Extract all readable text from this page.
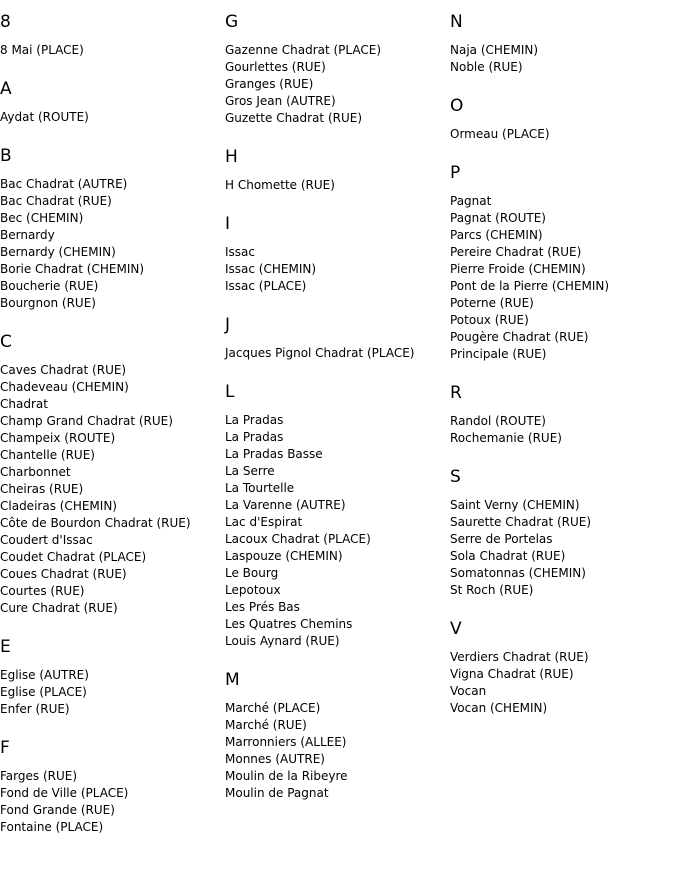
8
8 Mai (PLACE)
A
Aydat (ROUTE)
B
Bac Chadrat (AUTRE)
Bac Chadrat (RUE)
Bec (CHEMIN)
Bernardy
Bernardy (CHEMIN)
Borie Chadrat (CHEMIN)
Boucherie (RUE)
Bourgnon (RUE)
C
Caves Chadrat (RUE)
Chadeveau (CHEMIN)
Chadrat
Champ Grand Chadrat (RUE)
Champeix (ROUTE)
Chantelle (RUE)
Charbonnet
Cheiras (RUE)
Cladeiras (CHEMIN)
Côte de Bourdon Chadrat (RUE)
Coudert d'Issac
Coudet Chadrat (PLACE)
Coues Chadrat (RUE)
Courtes (RUE)
Cure Chadrat (RUE)
E
Eglise (AUTRE)
Eglise (PLACE)
Enfer (RUE)
F
Farges (RUE)
Fond de Ville (PLACE)
Fond Grande (RUE)
Fontaine (PLACE)
G
Gazenne Chadrat (PLACE)
Gourlettes (RUE)
Granges (RUE)
Gros Jean (AUTRE)
Guzette Chadrat (RUE)
H
H Chomette (RUE)
I
Issac
Issac (CHEMIN)
Issac (PLACE)
J
Jacques Pignol Chadrat (PLACE)
L
La Pradas
La Pradas
La Pradas Basse
La Serre
La Tourtelle
La Varenne (AUTRE)
Lac d'Espirat
Lacoux Chadrat (PLACE)
Laspouze (CHEMIN)
Le Bourg
Lepotoux
Les Prés Bas
Les Quatres Chemins
Louis Aynard (RUE)
M
Marché (PLACE)
Marché (RUE)
Marronniers (ALLEE)
Monnes (AUTRE)
Moulin de la Ribeyre
Moulin de Pagnat
N
Naja (CHEMIN)
Noble (RUE)
O
Ormeau (PLACE)
P
Pagnat
Pagnat (ROUTE)
Parcs (CHEMIN)
Pereire Chadrat (RUE)
Pierre Froide (CHEMIN)
Pont de la Pierre (CHEMIN)
Poterne (RUE)
Potoux (RUE)
Pougère Chadrat (RUE)
Principale (RUE)
R
Randol (ROUTE)
Rochemanie (RUE)
S
Saint Verny (CHEMIN)
Saurette Chadrat (RUE)
Serre de Portelas
Sola Chadrat (RUE)
Somatonnas (CHEMIN)
St Roch (RUE)
V
Verdiers Chadrat (RUE)
Vigna Chadrat (RUE)
Vocan
Vocan (CHEMIN)
